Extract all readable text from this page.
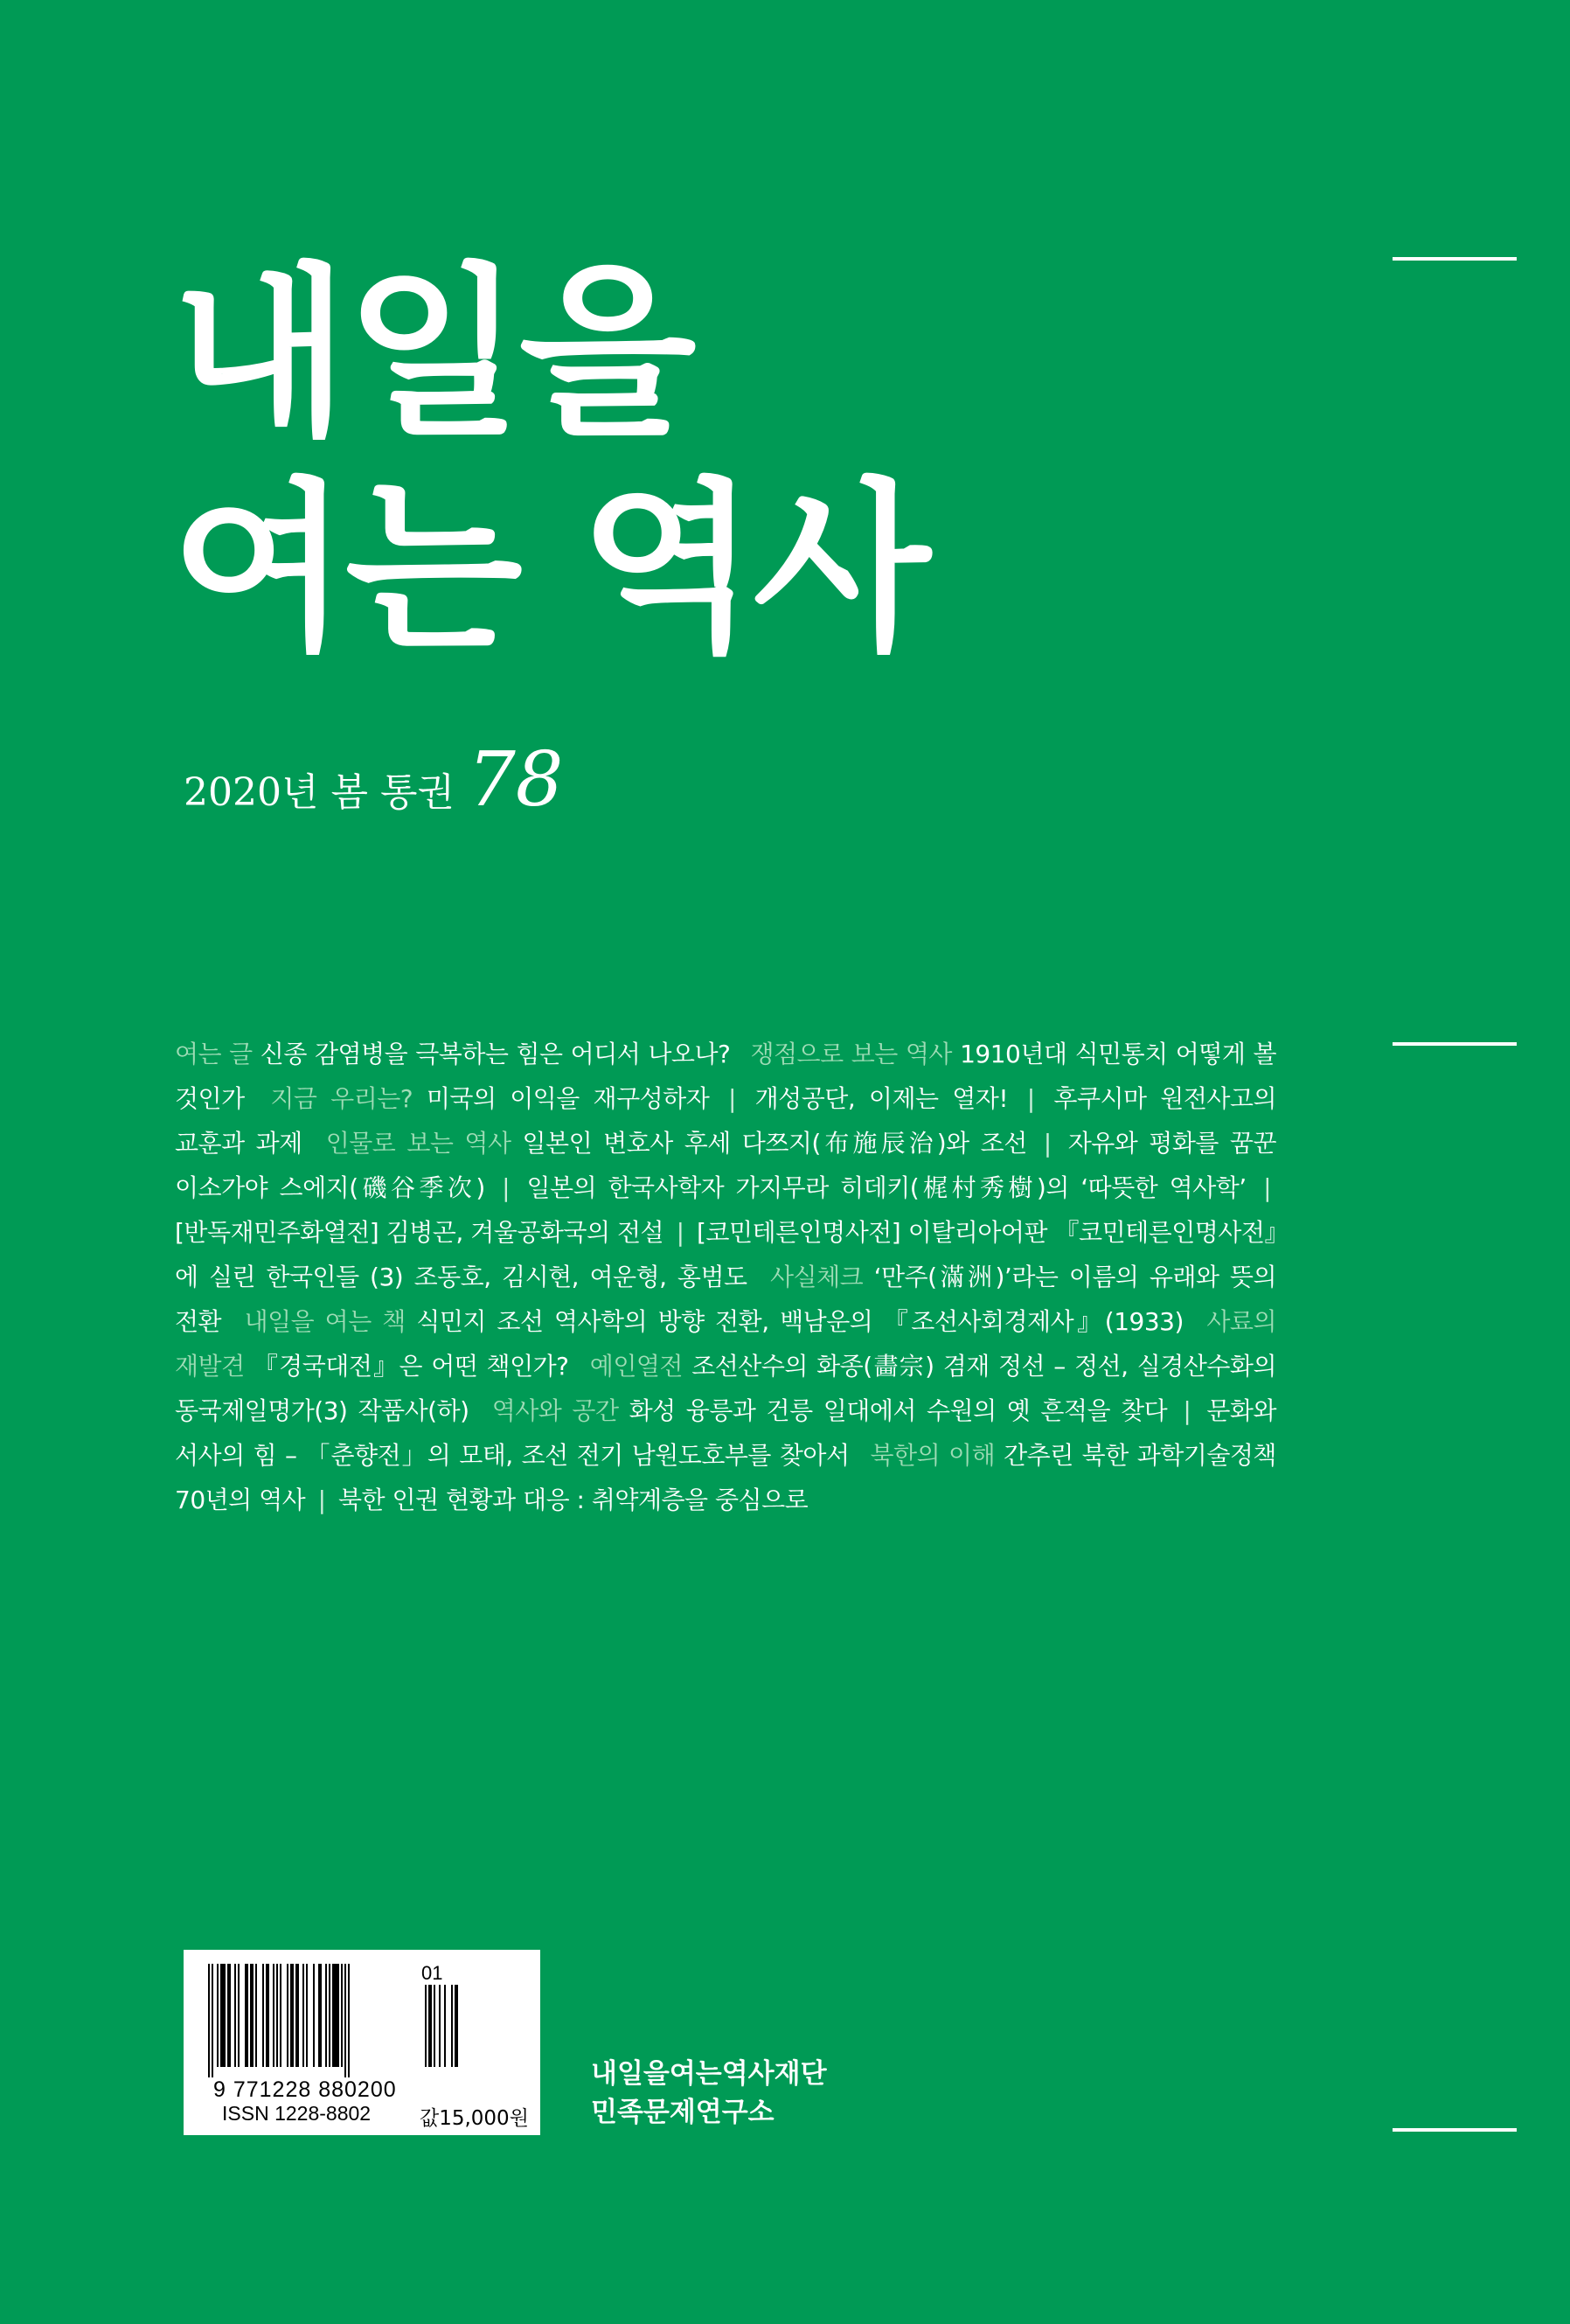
내일을
여는 역사
2020년 봄 통권 78
여는 글 신종 감염병을 극복하는 힘은 어디서 나오나? 쟁점으로 보는 역사 1910년대 식민통치 어떻게 볼 것인가 지금 우리는? 미국의 이익을 재구성하자 | 개성공단, 이제는 열자! | 후쿠시마 원전사고의 교훈과 과제 인물로 보는 역사 일본인 변호사 후세 다쯔지(布施辰治)와 조선 | 자유와 평화를 꿈꾼 이소가야 스에지(磯谷季次) | 일본의 한국사학자 가지무라 히데키(梶村秀樹)의 ‘따뜻한 역사학’ | [반독재민주화열전] 김병곤, 겨울공화국의 전설 | [코민테른인명사전] 이탈리아어판 『코민테른인명사전』에 실린 한국인들 (3) 조동호, 김시현, 여운형, 홍범도 사실체크 ‘만주(滿洲)’라는 이름의 유래와 뜻의 전환 내일을 여는 책 식민지 조선 역사학의 방향 전환, 백남운의 『조선사회경제사』(1933) 사료의 재발견 『경국대전』은 어떤 책인가? 예인열전 조선산수의 화종(畵宗) 겸재 정선 – 정선, 실경산수화의 동국제일명가(3) 작품사(하) 역사와 공간 화성 융릉과 건릉 일대에서 수원의 옛 흔적을 찾다 | 문화와 서사의 힘 – 「춘향전」의 모태, 조선 전기 남원도호부를 찾아서 북한의 이해 간추린 북한 과학기술정책 70년의 역사 | 북한 인권 현황과 대응 : 취약계층을 중심으로
01
9 771228 880200
ISSN 1228-8802 값15,000원
내일을여는역사재단
민족문제연구소
